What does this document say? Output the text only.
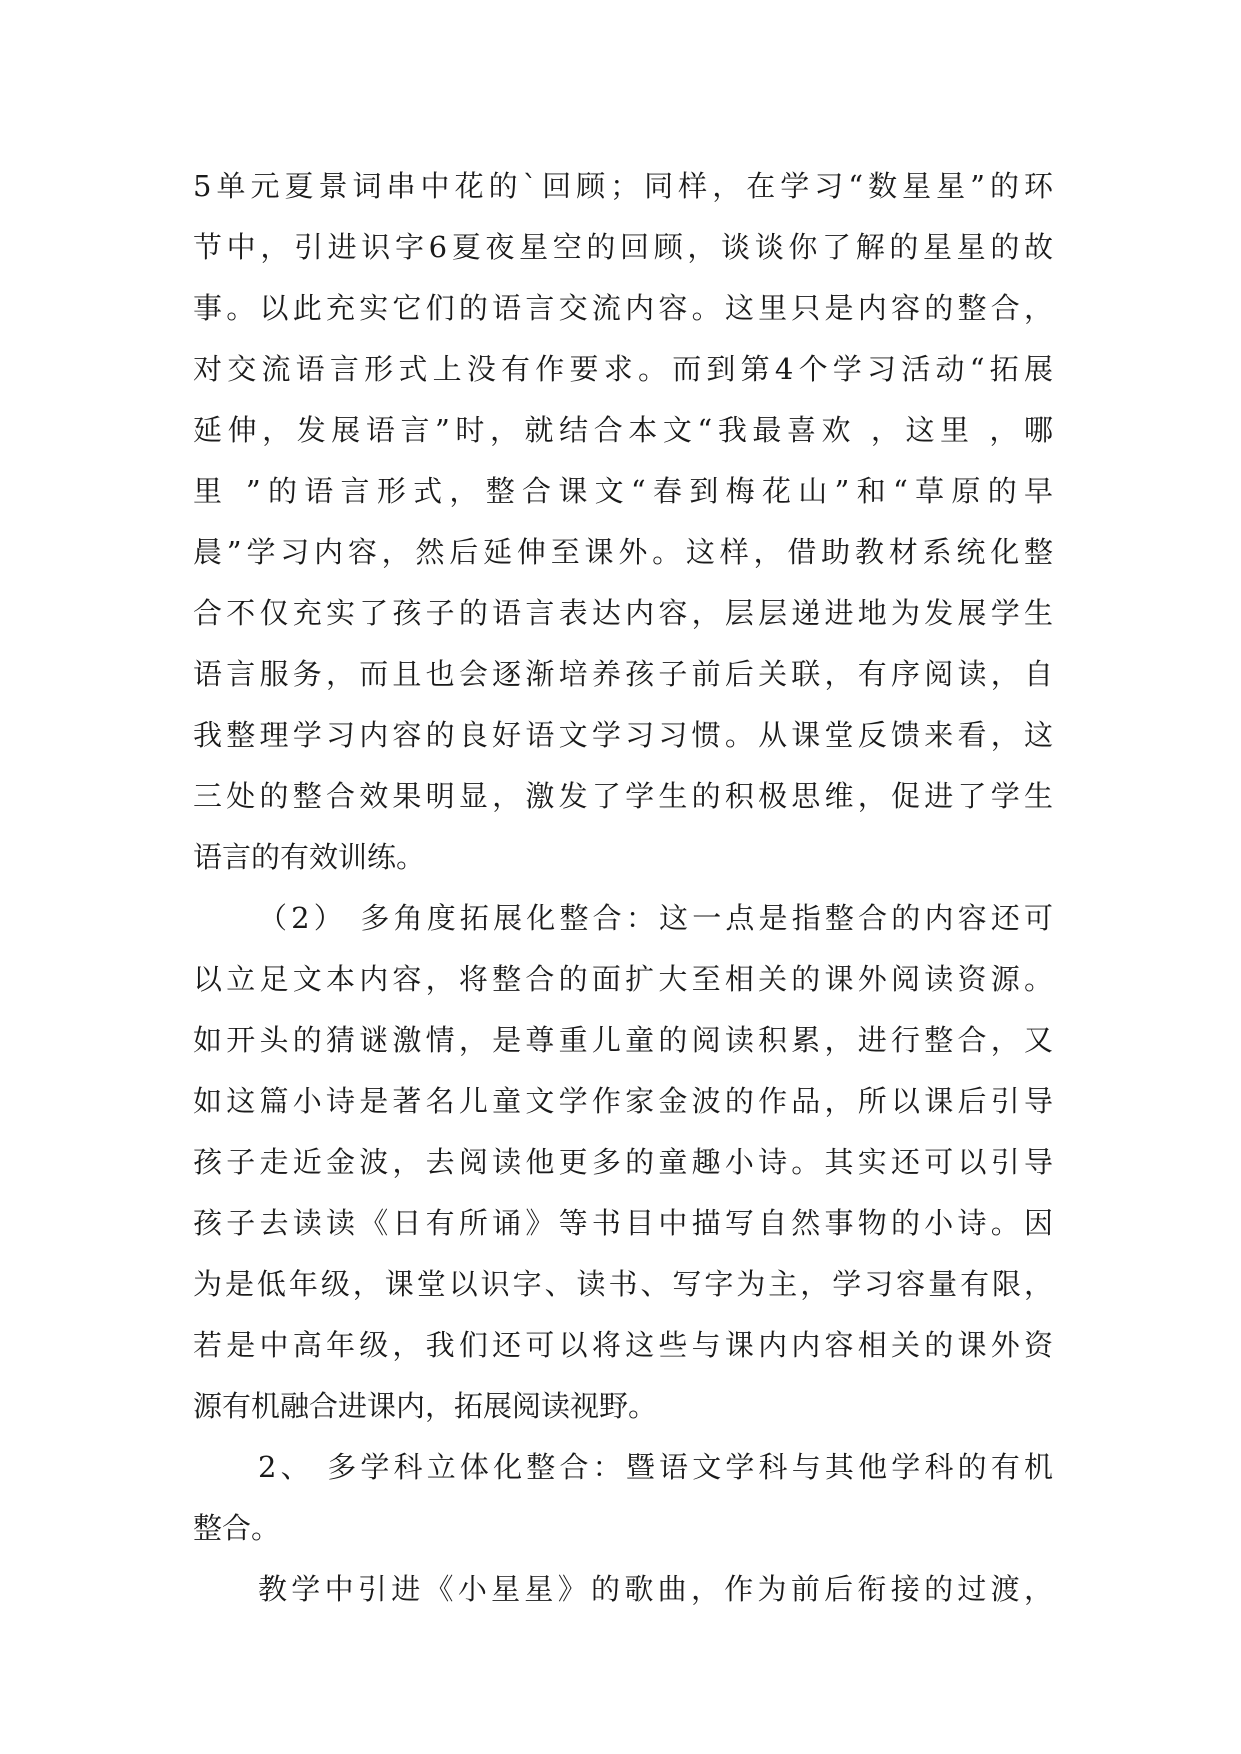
5单元夏景词串中花的`回顾；同样，在学习“数星星”的环
节中，引进识字6夏夜星空的回顾，谈谈你了解的星星的故
事。以此充实它们的语言交流内容。这里只是内容的整合，
对交流语言形式上没有作要求。而到第4个学习活动“拓展
延伸，发展语言”时，就结合本文“我最喜欢 ，这里 ，哪
里 ”的语言形式，整合课文“春到梅花山”和“草原的早
晨”学习内容，然后延伸至课外。这样，借助教材系统化整
合不仅充实了孩子的语言表达内容，层层递进地为发展学生
语言服务，而且也会逐渐培养孩子前后关联，有序阅读，自
我整理学习内容的良好语文学习习惯。从课堂反馈来看，这
三处的整合效果明显，激发了学生的积极思维，促进了学生
语言的有效训练。
（2） 多角度拓展化整合：这一点是指整合的内容还可
以立足文本内容，将整合的面扩大至相关的课外阅读资源。
如开头的猜谜激情，是尊重儿童的阅读积累，进行整合，又
如这篇小诗是著名儿童文学作家金波的作品，所以课后引导
孩子走近金波，去阅读他更多的童趣小诗。其实还可以引导
孩子去读读《日有所诵》等书目中描写自然事物的小诗。因
为是低年级，课堂以识字、读书、写字为主，学习容量有限，
若是中高年级，我们还可以将这些与课内内容相关的课外资
源有机融合进课内，拓展阅读视野。
2、 多学科立体化整合：暨语文学科与其他学科的有机
整合。
教学中引进《小星星》的歌曲，作为前后衔接的过渡，
